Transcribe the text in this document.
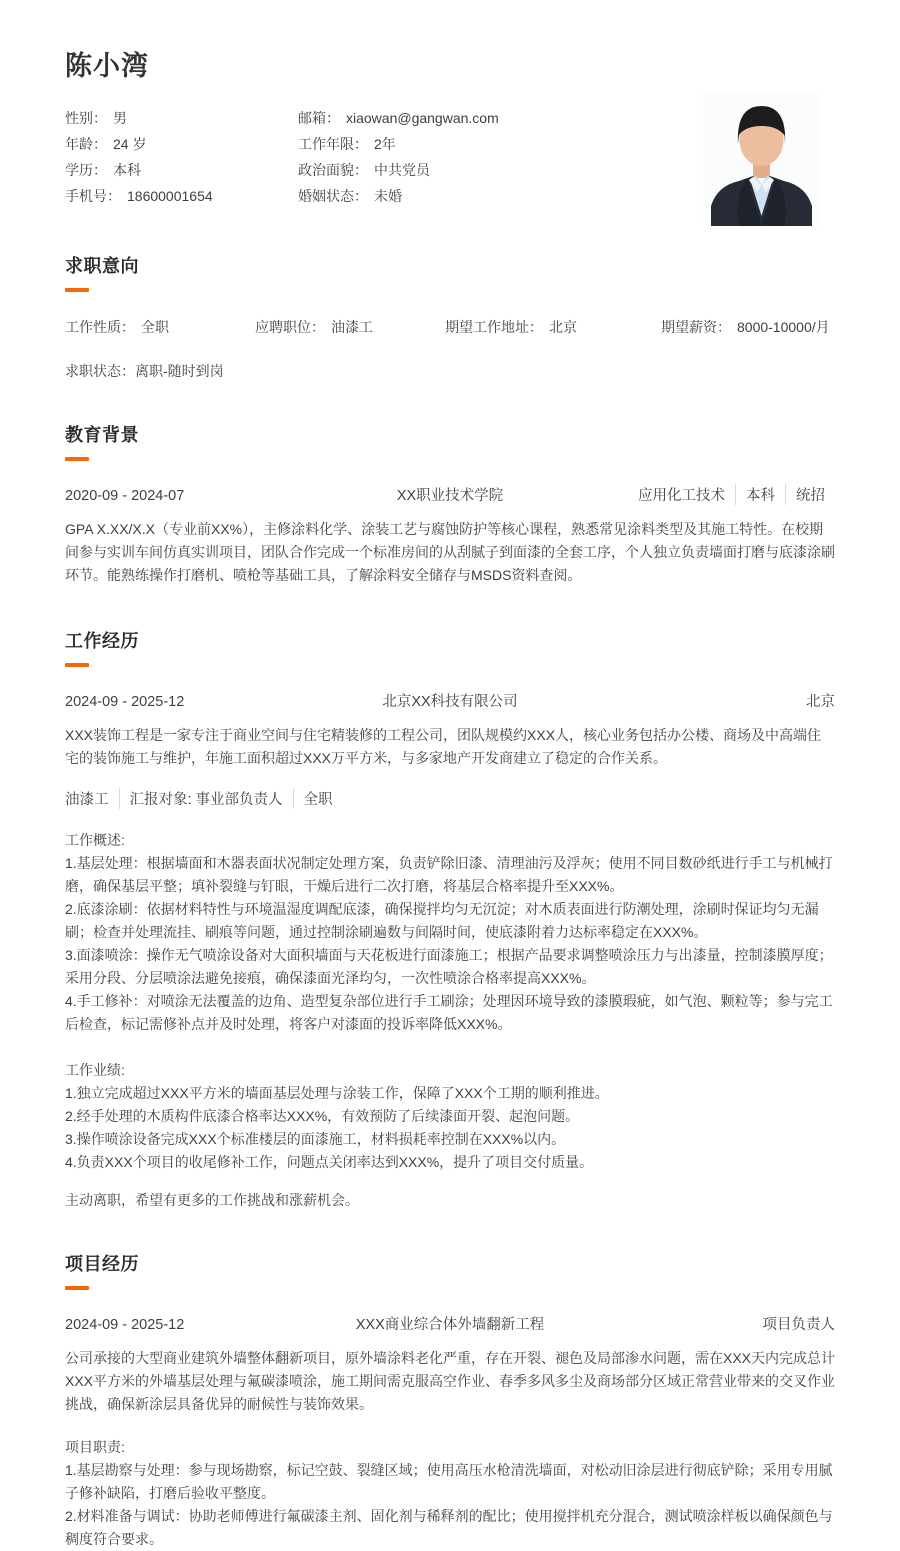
陈小湾
性别： 男
年龄： 24 岁
学历： 本科
手机号： 18600001654
邮箱： xiaowan@gangwan.com
工作年限： 2年
政治面貌： 中共党员
婚姻状态： 未婚
求职意向
工作性质： 全职	应聘职位： 油漆工	期望工作地址： 北京	期望薪资： 8000-10000/月
求职状态：离职-随时到岗
教育背景
2020-09 - 2024-07	XX职业技术学院	应用化工技术	本科	统招
GPA X.XX/X.X（专业前XX%），主修涂料化学、涂装工艺与腐蚀防护等核心课程，熟悉常见涂料类型及其施工特性。在校期间参与实训车间仿真实训项目，团队合作完成一个标准房间的从刮腻子到面漆的全套工序，个人独立负责墙面打磨与底漆涂刷环节。能熟练操作打磨机、喷枪等基础工具，了解涂料安全储存与MSDS资料查阅。
工作经历
2024-09 - 2025-12	北京XX科技有限公司	北京
XXX装饰工程是一家专注于商业空间与住宅精装修的工程公司，团队规模约XXX人，核心业务包括办公楼、商场及中高端住宅的装饰施工与维护，年施工面积超过XXX万平方米，与多家地产开发商建立了稳定的合作关系。
油漆工	汇报对象: 事业部负责人	全职
工作概述:
1.基层处理：根据墙面和木器表面状况制定处理方案，负责铲除旧漆、清理油污及浮灰；使用不同目数砂纸进行手工与机械打磨，确保基层平整；填补裂缝与钉眼，干燥后进行二次打磨，将基层合格率提升至XXX%。
2.底漆涂刷：依据材料特性与环境温湿度调配底漆，确保搅拌均匀无沉淀；对木质表面进行防潮处理，涂刷时保证均匀无漏刷；检查并处理流挂、刷痕等问题，通过控制涂刷遍数与间隔时间，使底漆附着力达标率稳定在XXX%。
3.面漆喷涂：操作无气喷涂设备对大面积墙面与天花板进行面漆施工；根据产品要求调整喷涂压力与出漆量，控制漆膜厚度；采用分段、分层喷涂法避免接痕，确保漆面光泽均匀，一次性喷涂合格率提高XXX%。
4.手工修补：对喷涂无法覆盖的边角、造型复杂部位进行手工刷涂；处理因环境导致的漆膜瑕疵，如气泡、颗粒等；参与完工后检查，标记需修补点并及时处理，将客户对漆面的投诉率降低XXX%。
工作业绩:
1.独立完成超过XXX平方米的墙面基层处理与涂装工作，保障了XXX个工期的顺利推进。
2.经手处理的木质构件底漆合格率达XXX%，有效预防了后续漆面开裂、起泡问题。
3.操作喷涂设备完成XXX个标准楼层的面漆施工，材料损耗率控制在XXX%以内。
4.负责XXX个项目的收尾修补工作，问题点关闭率达到XXX%，提升了项目交付质量。
主动离职，希望有更多的工作挑战和涨薪机会。
项目经历
2024-09 - 2025-12	XXX商业综合体外墙翻新工程	项目负责人
公司承接的大型商业建筑外墙整体翻新项目，原外墙涂料老化严重，存在开裂、褪色及局部渗水问题，需在XXX天内完成总计XXX平方米的外墙基层处理与氟碳漆喷涂，施工期间需克服高空作业、春季多风多尘及商场部分区域正常营业带来的交叉作业挑战，确保新涂层具备优异的耐候性与装饰效果。
项目职责:
1.基层勘察与处理：参与现场勘察，标记空鼓、裂缝区域；使用高压水枪清洗墙面，对松动旧涂层进行彻底铲除；采用专用腻子修补缺陷，打磨后验收平整度。
2.材料准备与调试：协助老师傅进行氟碳漆主剂、固化剂与稀释剂的配比；使用搅拌机充分混合，测试喷涂样板以确保颜色与稠度符合要求。
